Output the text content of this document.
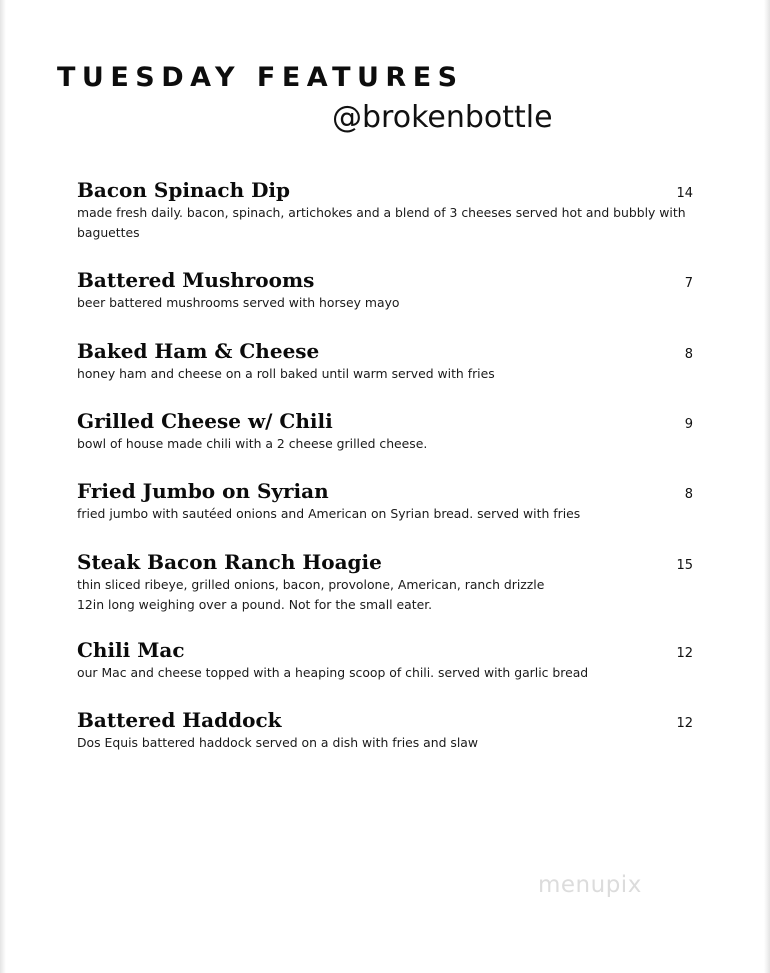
TUESDAY FEATURES
@brokenbottle
Bacon Spinach Dip
made fresh daily. bacon, spinach, artichokes and a blend of 3 cheeses served hot and bubbly with
baguettes
14
Battered Mushrooms
beer battered mushrooms served with horsey mayo
7
Baked Ham & Cheese
honey ham and cheese on a roll baked until warm served with fries
8
Grilled Cheese w/ Chili
bowl of house made chili with a 2 cheese grilled cheese.
9
Fried Jumbo on Syrian
fried jumbo with sautéed onions and American on Syrian bread. served with fries
8
Steak Bacon Ranch Hoagie
thin sliced ribeye, grilled onions, bacon, provolone, American, ranch drizzle
12in long weighing over a pound. Not for the small eater.
15
Chili Mac
our Mac and cheese topped with a heaping scoop of chili. served with garlic bread
12
Battered Haddock
Dos Equis battered haddock served on a dish with fries and slaw
12
menupix
